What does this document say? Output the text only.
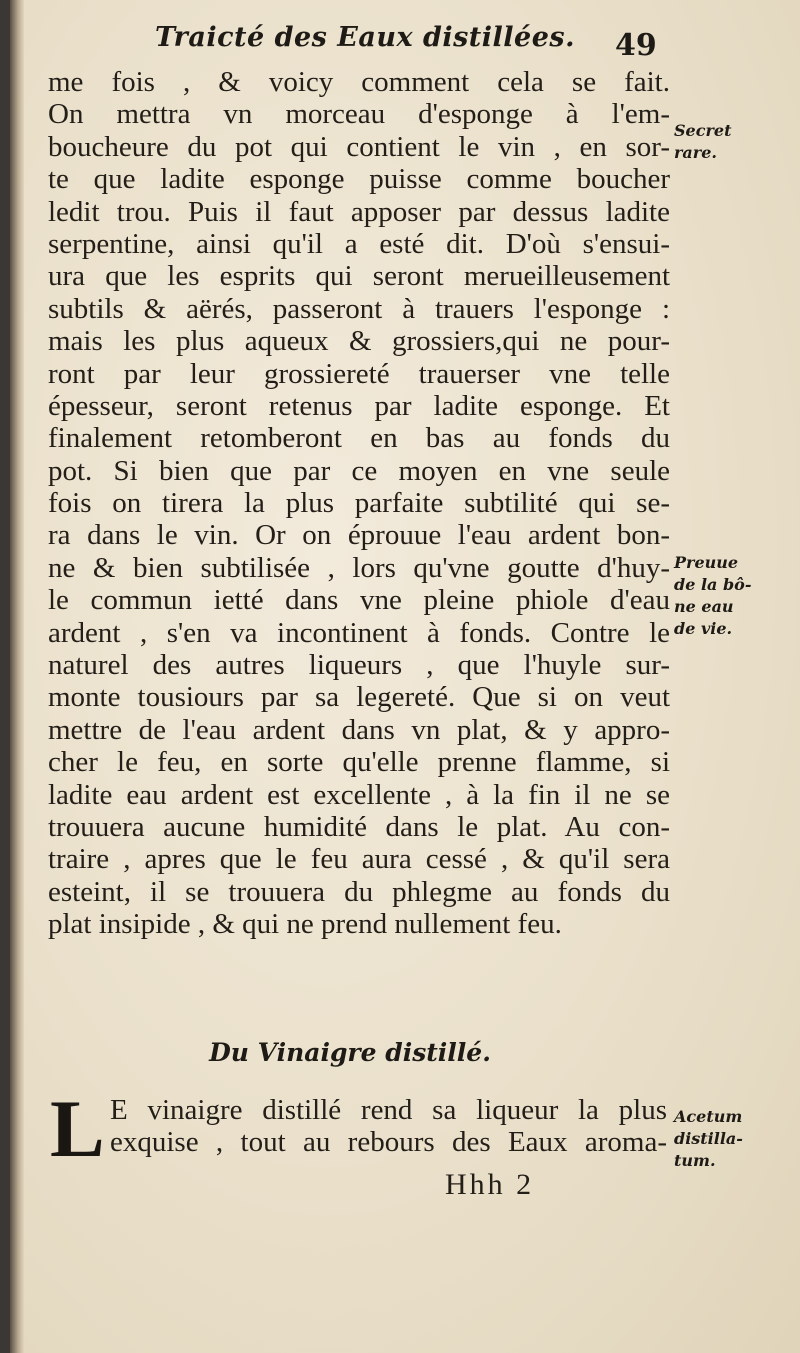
Traicté des Eaux distillées. 49
me fois , & voicy comment cela se fait.
On mettra vn morceau d'esponge à l'em-
boucheure du pot qui contient le vin , en sor-
te que ladite esponge puisse comme boucher
ledit trou. Puis il faut apposer par dessus ladite
serpentine, ainsi qu'il a esté dit. D'où s'ensui-
ura que les esprits qui seront merueilleusement
subtils & aërés, passeront à trauers l'esponge :
mais les plus aqueux & grossiers,qui ne pour-
ront par leur grossiereté trauerser vne telle
épesseur, seront retenus par ladite esponge. Et
finalement retomberont en bas au fonds du
pot. Si bien que par ce moyen en vne seule
fois on tirera la plus parfaite subtilité qui se-
ra dans le vin. Or on éprouue l'eau ardent bon-
ne & bien subtilisée , lors qu'vne goutte d'huy-
le commun ietté dans vne pleine phiole d'eau
ardent , s'en va incontinent à fonds. Contre le
naturel des autres liqueurs , que l'huyle sur-
monte tousiours par sa legereté. Que si on veut
mettre de l'eau ardent dans vn plat, & y appro-
cher le feu, en sorte qu'elle prenne flamme, si
ladite eau ardent est excellente , à la fin il ne se
trouuera aucune humidité dans le plat. Au con-
traire , apres que le feu aura cessé , & qu'il sera
esteint, il se trouuera du phlegme au fonds du
plat insipide , & qui ne prend nullement feu.
Du Vinaigre distillé.
L E vinaigre distillé rend sa liqueur la plus
exquise , tout au rebours des Eaux aroma-
Hhh 2
Secret
rare.
Preuue
de la bô-
ne eau
de vie.
Acetum
distilla-
tum.
